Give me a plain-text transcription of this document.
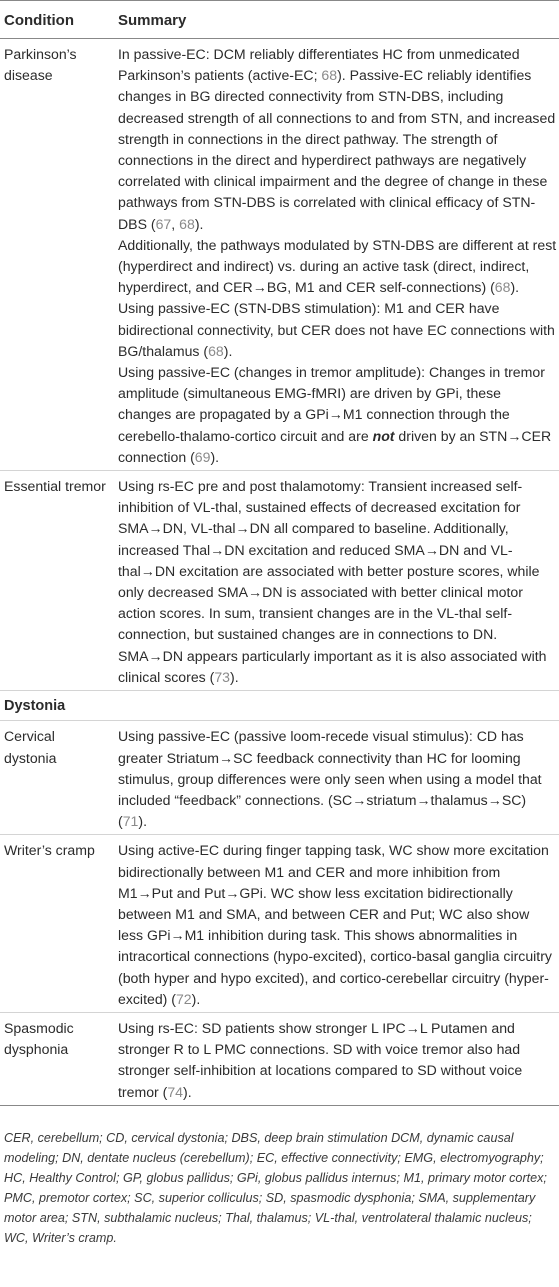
Condition	Summary
Parkinson’s disease	In passive-EC: DCM reliably differentiates HC from unmedicated Parkinson’s patients (active-EC; 68). Passive-EC reliably identifies changes in BG directed connectivity from STN-DBS, including decreased strength of all connections to and from STN, and increased strength in connections in the direct pathway. The strength of connections in the direct and hyperdirect pathways are negatively correlated with clinical impairment and the degree of change in these pathways from STN-DBS is correlated with clinical efficacy of STN-DBS (67, 68).

Additionally, the pathways modulated by STN-DBS are different at rest (hyperdirect and indirect) vs. during an active task (direct, indirect, hyperdirect, and CER→BG, M1 and CER self-connections) (68).

Using passive-EC (STN-DBS stimulation): M1 and CER have bidirectional connectivity, but CER does not have EC connections with BG/thalamus (68).

Using passive-EC (changes in tremor amplitude): Changes in tremor amplitude (simultaneous EMG-fMRI) are driven by GPi, these changes are propagated by a GPi→M1 connection through the cerebello-thalamo-cortico circuit and are not driven by an STN→CER connection (69).

Essential tremor	Using rs-EC pre and post thalamotomy: Transient increased self-inhibition of VL-thal, sustained effects of decreased excitation for SMA→DN, VL-thal→DN all compared to baseline. Additionally, increased Thal→DN excitation and reduced SMA→DN and VL-thal→DN excitation are associated with better posture scores, while only decreased SMA→DN is associated with better clinical motor action scores. In sum, transient changes are in the VL-thal self-connection, but sustained changes are in connections to DN. SMA→DN appears particularly important as it is also associated with clinical scores (73).

Dystonia	
Cervical dystonia	Using passive-EC (passive loom-recede visual stimulus): CD has greater Striatum→SC feedback connectivity than HC for looming stimulus, group differences were only seen when using a model that included “feedback” connections. (SC→striatum→thalamus→SC) (71).

Writer’s cramp	Using active-EC during finger tapping task, WC show more excitation bidirectionally between M1 and CER and more inhibition from M1→Put and Put→GPi. WC show less excitation bidirectionally between M1 and SMA, and between CER and Put; WC also show less GPi→M1 inhibition during task. This shows abnormalities in intracortical connections (hypo-excited), cortico-basal ganglia circuitry (both hyper and hypo excited), and cortico-cerebellar circuitry (hyper-excited) (72).

Spasmodic dysphonia	Using rs-EC: SD patients show stronger L IPC→L Putamen and stronger R to L PMC connections. SD with voice tremor also had stronger self-inhibition at locations compared to SD without voice tremor (74).

CER, cerebellum; CD, cervical dystonia; DBS, deep brain stimulation DCM, dynamic causal modeling; DN, dentate nucleus (cerebellum); EC, effective connectivity; EMG, electromyography; HC, Healthy Control; GP, globus pallidus; GPi, globus pallidus internus; M1, primary motor cortex; PMC, premotor cortex; SC, superior colliculus; SD, spasmodic dysphonia; SMA, supplementary motor area; STN, subthalamic nucleus; Thal, thalamus; VL-thal, ventrolateral thalamic nucleus; WC, Writer’s cramp.
